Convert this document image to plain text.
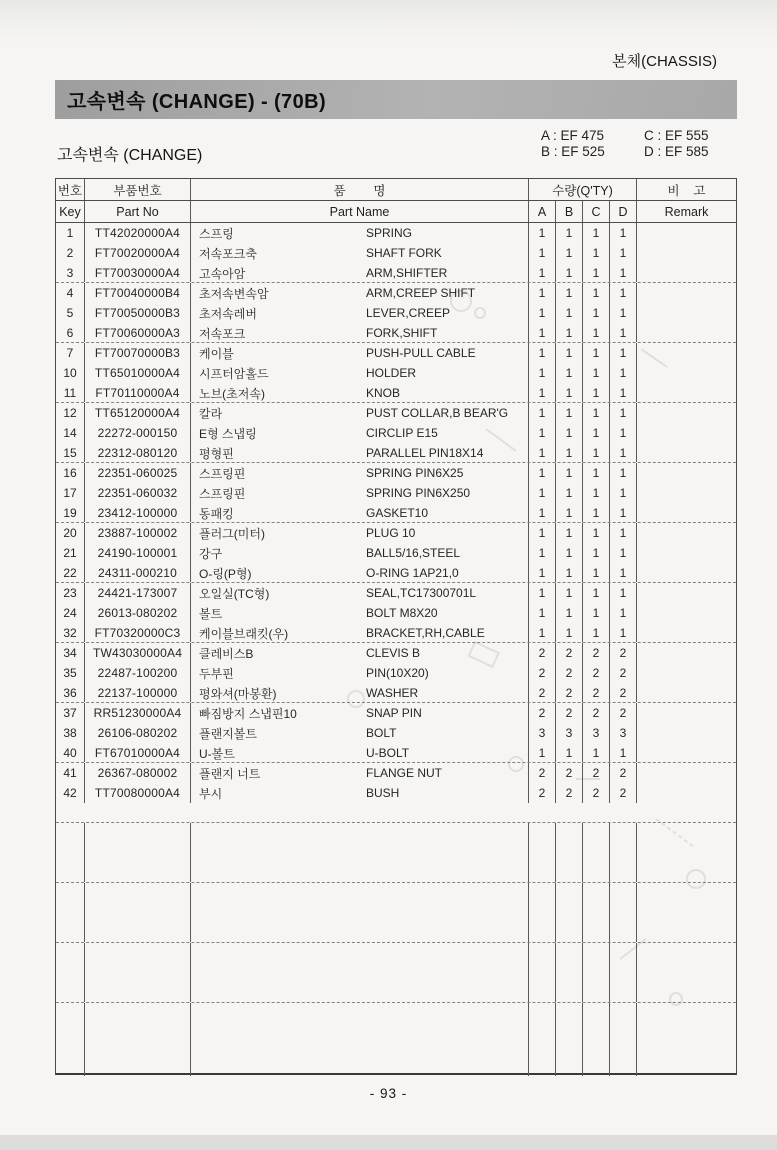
본체(CHASSIS)
고속변속 (CHANGE) - (70B)
고속변속 (CHANGE)
A : EF 475	C : EF 555
B : EF 525	D : EF 585
번호	부품번호	품        명	수량(Q'TY)	비    고
Key	Part No	Part Name	A	B	C	D	Remark
1	TT42020000A4	스프링	SPRING	1	1	1	1
2	FT70020000A4	저속포크축	SHAFT FORK	1	1	1	1
3	FT70030000A4	고속아암	ARM,SHIFTER	1	1	1	1
4	FT70040000B4	초저속변속암	ARM,CREEP SHIFT	1	1	1	1
5	FT70050000B3	초저속레버	LEVER,CREEP	1	1	1	1
6	FT70060000A3	저속포크	FORK,SHIFT	1	1	1	1
7	FT70070000B3	케이블	PUSH-PULL CABLE	1	1	1	1
10	TT65010000A4	시프터암홀드	HOLDER	1	1	1	1
11	FT70110000A4	노브(초저속)	KNOB	1	1	1	1
12	TT65120000A4	칼라	PUST COLLAR,B BEAR'G	1	1	1	1
14	22272-000150	E형 스냅링	CIRCLIP E15	1	1	1	1
15	22312-080120	평형핀	PARALLEL PIN18X14	1	1	1	1
16	22351-060025	스프링핀	SPRING PIN6X25	1	1	1	1
17	22351-060032	스프링핀	SPRING PIN6X250	1	1	1	1
19	23412-100000	동패킹	GASKET10	1	1	1	1
20	23887-100002	플러그(미터)	PLUG 10	1	1	1	1
21	24190-100001	강구	BALL5/16,STEEL	1	1	1	1
22	24311-000210	O-링(P형)	O-RING 1AP21,0	1	1	1	1
23	24421-173007	오일실(TC형)	SEAL,TC17300701L	1	1	1	1
24	26013-080202	볼트	BOLT M8X20	1	1	1	1
32	FT70320000C3	케이블브래킷(우)	BRACKET,RH,CABLE	1	1	1	1
34	TW43030000A4	클레비스B	CLEVIS B	2	2	2	2
35	22487-100200	두부핀	PIN(10X20)	2	2	2	2
36	22137-100000	평와셔(마봉환)	WASHER	2	2	2	2
37	RR51230000A4	빠짐방지 스냅핀10	SNAP PIN	2	2	2	2
38	26106-080202	플랜지볼트	BOLT	3	3	3	3
40	FT67010000A4	U-볼트	U-BOLT	1	1	1	1
41	26367-080002	플랜지 너트	FLANGE NUT	2	2	2	2
42	TT70080000A4	부시	BUSH	2	2	2	2
- 93 -
